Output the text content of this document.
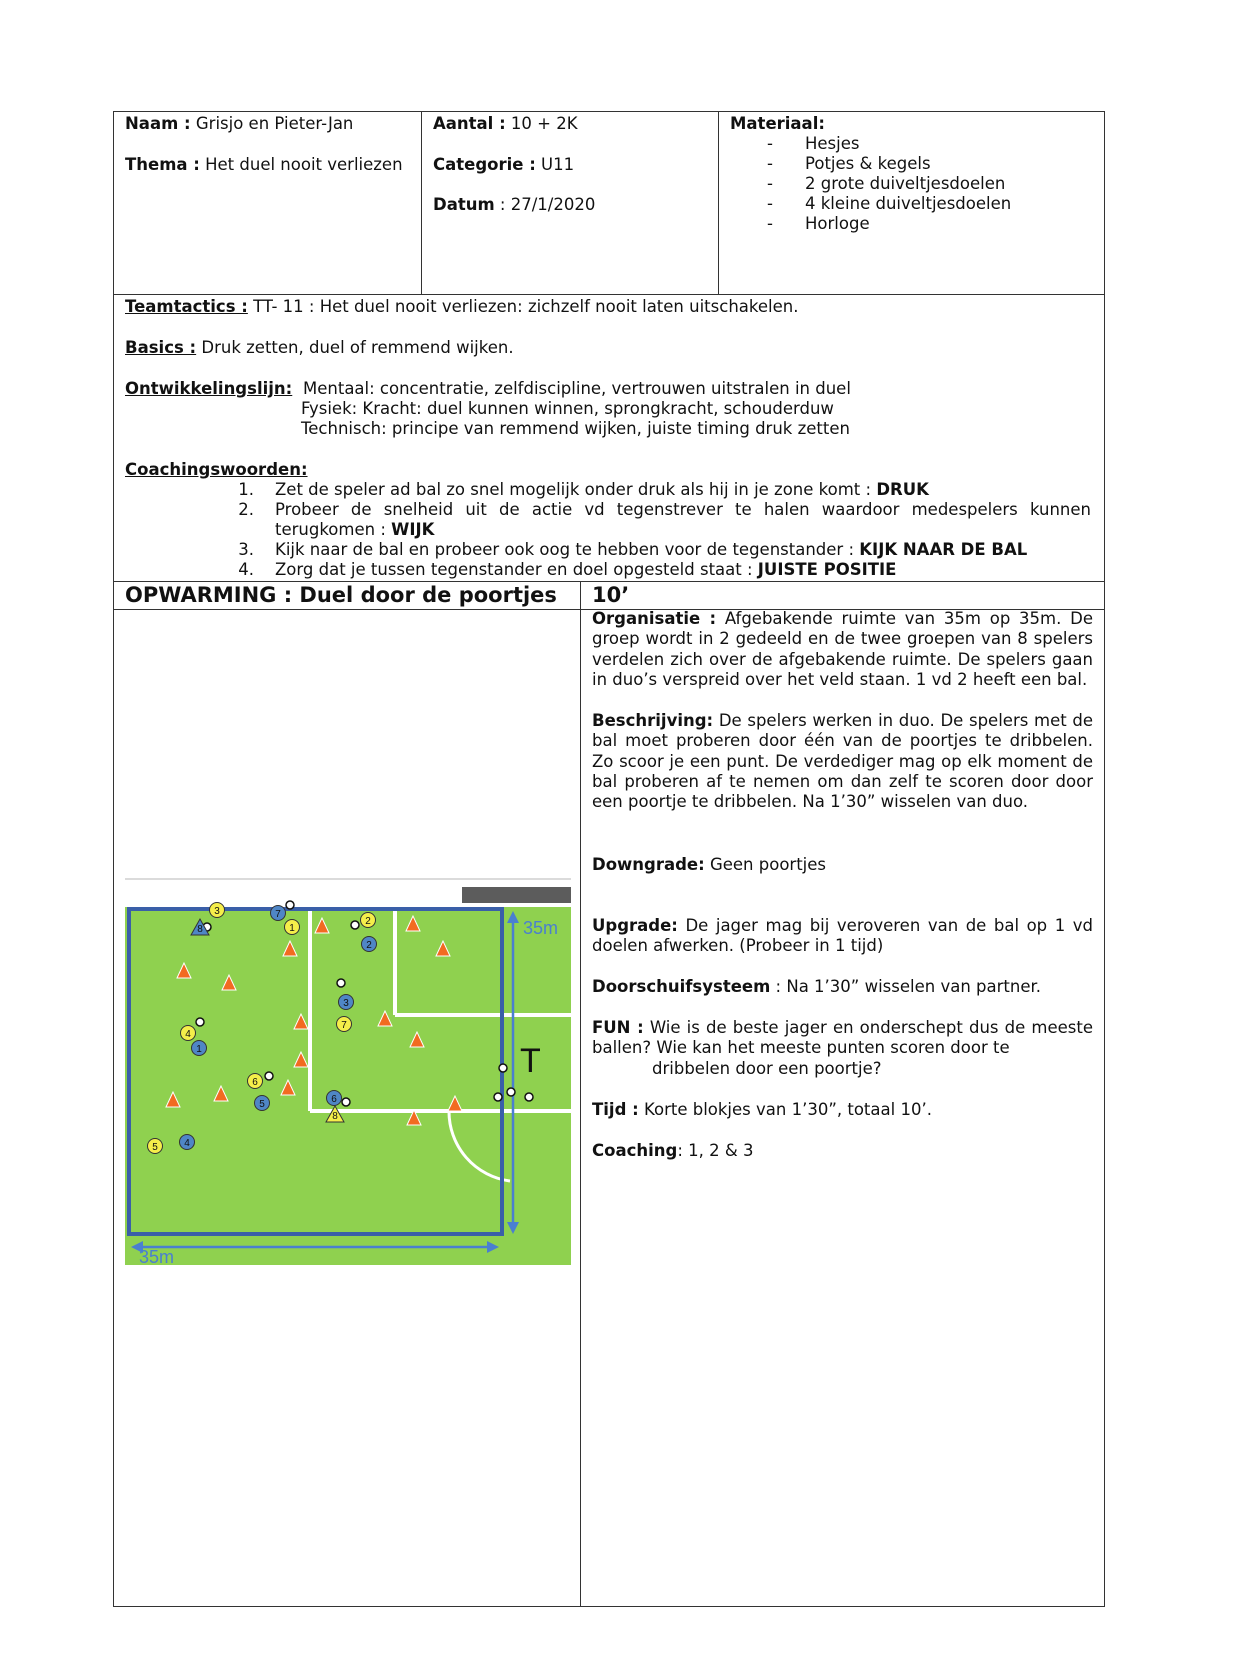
Naam : Grisjo en Pieter-Jan
Thema : Het duel nooit verliezen
Aantal : 10 + 2K
Categorie : U11
Datum : 27/1/2020
Materiaal:
- Hesjes
- Potjes & kegels
- 2 grote duiveltjesdoelen
- 4 kleine duiveltjesdoelen
- Horloge
Teamtactics : TT- 11 : Het duel nooit verliezen: zichzelf nooit laten uitschakelen.
Basics : Druk zetten, duel of remmend wijken.
Ontwikkelingslijn: Mentaal: concentratie, zelfdiscipline, vertrouwen uitstralen in duel
Fysiek: Kracht: duel kunnen winnen, sprongkracht, schouderduw
Technisch: principe van remmend wijken, juiste timing druk zetten
Coachingswoorden:
1. Zet de speler ad bal zo snel mogelijk onder druk als hij in je zone komt : DRUK
2. Probeer de snelheid uit de actie vd tegenstrever te halen waardoor medespelers kunnen
terugkomen : WIJK
3. Kijk naar de bal en probeer ook oog te hebben voor de tegenstander : KIJK NAAR DE BAL
4. Zorg dat je tussen tegenstander en doel opgesteld staat : JUISTE POSITIE
OPWARMING : Duel door de poortjes 10’
Organisatie : Afgebakende ruimte van 35m op 35m. De
groep wordt in 2 gedeeld en de twee groepen van 8 spelers
verdelen zich over de afgebakende ruimte. De spelers gaan
in duo’s verspreid over het veld staan. 1 vd 2 heeft een bal.
Beschrijving: De spelers werken in duo. De spelers met de
bal moet proberen door één van de poortjes te dribbelen.
Zo scoor je een punt. De verdediger mag op elk moment de
bal proberen af te nemen om dan zelf te scoren door door
een poortje te dribbelen. Na 1’30” wisselen van duo.
Downgrade: Geen poortjes
Upgrade: De jager mag bij veroveren van de bal op 1 vd
doelen afwerken. (Probeer in 1 tijd)
Doorschuifsysteem : Na 1’30” wisselen van partner.
FUN : Wie is de beste jager en onderschept dus de meeste
ballen? Wie kan het meeste punten scoren door te
dribbelen door een poortje?
Tijd : Korte blokjes van 1’30”, totaal 10’.
Coaching: 1, 2 & 3
35m
35m
T
3
1
2
7
4
6
5
8
8
7
2
3
1
5	6
4
